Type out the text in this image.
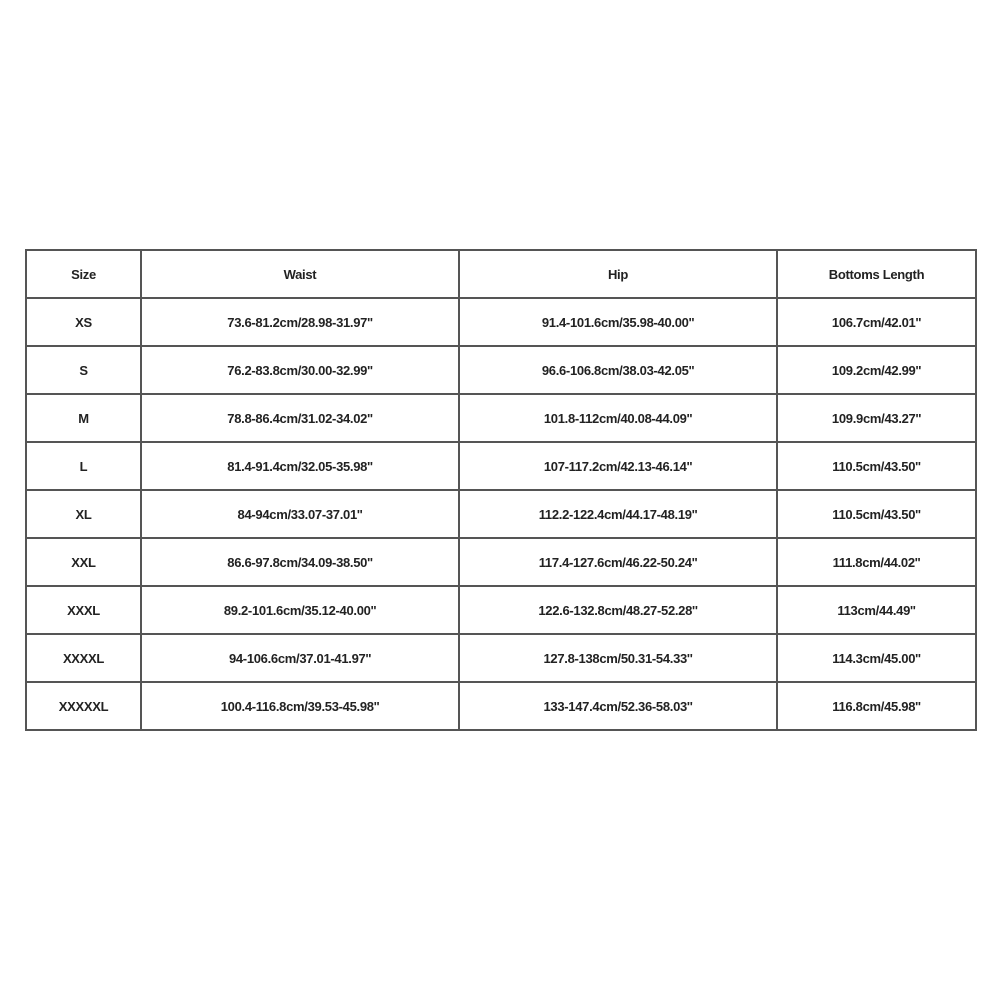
Size	Waist	Hip	Bottoms Length
XS	73.6-81.2cm/28.98-31.97''	91.4-101.6cm/35.98-40.00''	106.7cm/42.01''
S	76.2-83.8cm/30.00-32.99''	96.6-106.8cm/38.03-42.05''	109.2cm/42.99''
M	78.8-86.4cm/31.02-34.02''	101.8-112cm/40.08-44.09''	109.9cm/43.27''
L	81.4-91.4cm/32.05-35.98''	107-117.2cm/42.13-46.14''	110.5cm/43.50''
XL	84-94cm/33.07-37.01''	112.2-122.4cm/44.17-48.19''	110.5cm/43.50''
XXL	86.6-97.8cm/34.09-38.50''	117.4-127.6cm/46.22-50.24''	111.8cm/44.02''
XXXL	89.2-101.6cm/35.12-40.00''	122.6-132.8cm/48.27-52.28''	113cm/44.49''
XXXXL	94-106.6cm/37.01-41.97''	127.8-138cm/50.31-54.33''	114.3cm/45.00''
XXXXXL	100.4-116.8cm/39.53-45.98''	133-147.4cm/52.36-58.03''	116.8cm/45.98''
